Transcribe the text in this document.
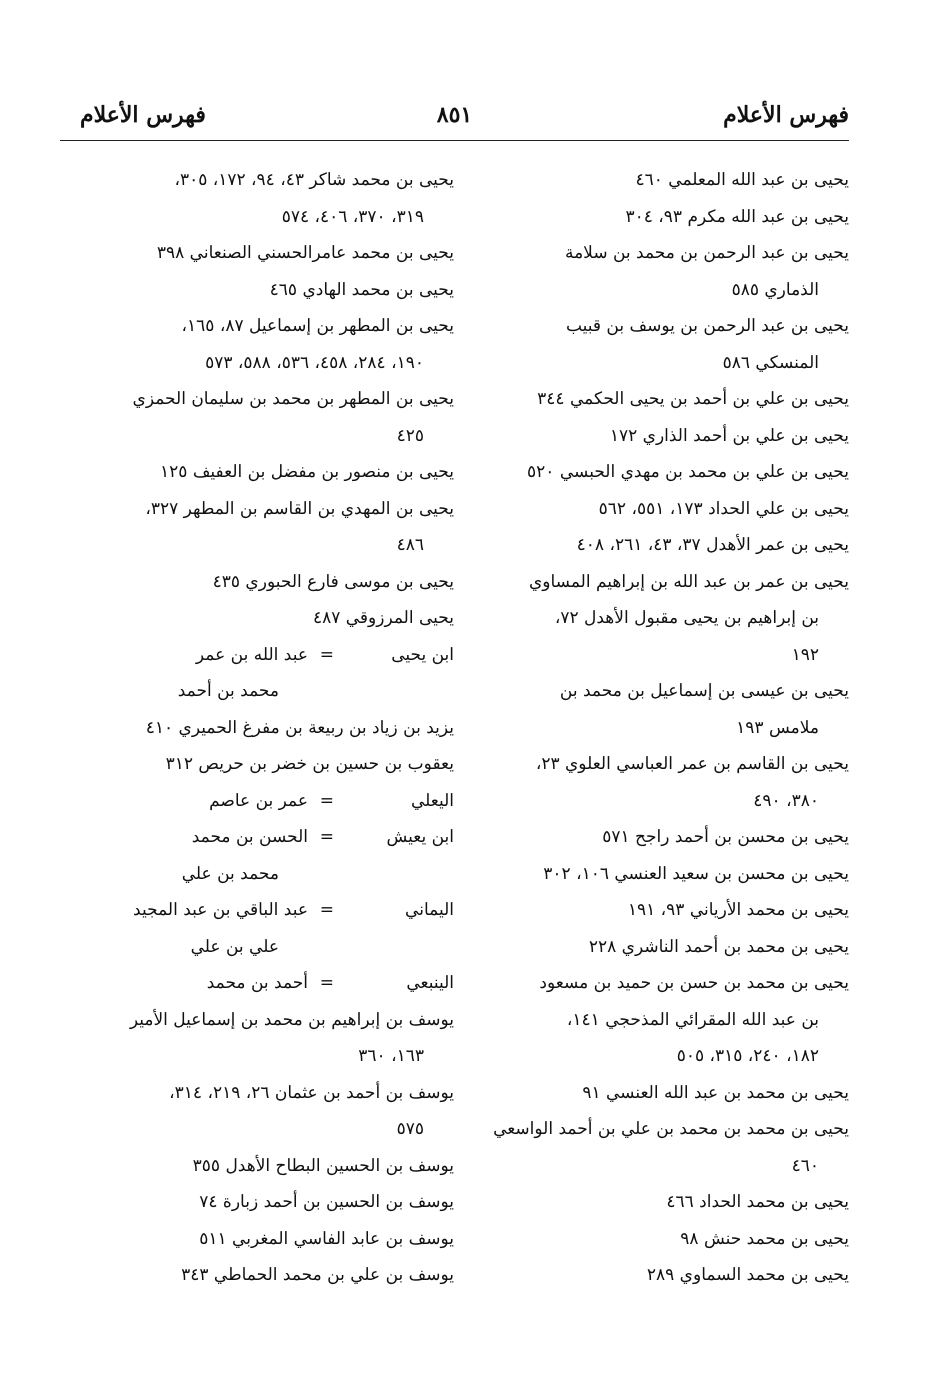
فهرس الأعلام
٨٥١
فهرس الأعلام
يحيى بن عبد الله المعلمي ٤٦٠
يحيى بن عبد الله مكرم ٩٣، ٣٠٤
يحيى بن عبد الرحمن بن محمد بن سلامة
الذماري ٥٨٥
يحيى بن عبد الرحمن بن يوسف بن قبيب
المنسكي ٥٨٦
يحيى بن علي بن أحمد بن يحيى الحكمي ٣٤٤
يحيى بن علي بن أحمد الذاري ١٧٢
يحيى بن علي بن محمد بن مهدي الحبسي ٥٢٠
يحيى بن علي الحداد ١٧٣، ٥٥١، ٥٦٢
يحيى بن عمر الأهدل ٣٧، ٤٣، ٢٦١، ٤٠٨
يحيى بن عمر بن عبد الله بن إبراهيم المساوي
بن إبراهيم بن يحيى مقبول الأهدل ٧٢،
١٩٢
يحيى بن عيسى بن إسماعيل بن محمد بن
ملامس ١٩٣
يحيى بن القاسم بن عمر العباسي العلوي ٢٣،
٣٨٠، ٤٩٠
يحيى بن محسن بن أحمد راجح ٥٧١
يحيى بن محسن بن سعيد العنسي ١٠٦، ٣٠٢
يحيى بن محمد الأرياني ٩٣، ١٩١
يحيى بن محمد بن أحمد الناشري ٢٢٨
يحيى بن محمد بن حسن بن حميد بن مسعود
بن عبد الله المقرائي المذحجي ١٤١،
١٨٢، ٢٤٠، ٣١٥، ٥٠٥
يحيى بن محمد بن عبد الله العنسي ٩١
يحيى بن محمد بن محمد بن علي بن أحمد الواسعي
٤٦٠
يحيى بن محمد الحداد ٤٦٦
يحيى بن محمد حنش ٩٨
يحيى بن محمد السماوي ٢٨٩
يحيى بن محمد شاكر ٤٣، ٩٤، ١٧٢، ٣٠٥،
٣١٩، ٣٧٠، ٤٠٦، ٥٧٤
يحيى بن محمد عامرالحسني الصنعاني ٣٩٨
يحيى بن محمد الهادي ٤٦٥
يحيى بن المطهر بن إسماعيل ٨٧، ١٦٥،
١٩٠، ٢٨٤، ٤٥٨، ٥٣٦، ٥٨٨، ٥٧٣
يحيى بن المطهر بن محمد بن سليمان الحمزي
٤٢٥
يحيى بن منصور بن مفضل بن العفيف ١٢٥
يحيى بن المهدي بن القاسم بن المطهر ٣٢٧،
٤٨٦
يحيى بن موسى فارع الحبوري ٤٣٥
يحيى المرزوقي ٤٨٧
ابن يحيى=عبد الله بن عمر
محمد بن أحمد
يزيد بن زياد بن ربيعة بن مفرغ الحميري ٤١٠
يعقوب بن حسين بن خضر بن حريص ٣١٢
اليعلي=عمر بن عاصم
ابن يعيش=الحسن بن محمد
محمد بن علي
اليماني=عبد الباقي بن عبد المجيد
علي بن علي
الينبعي=أحمد بن محمد
يوسف بن إبراهيم بن محمد بن إسماعيل الأمير
١٦٣، ٣٦٠
يوسف بن أحمد بن عثمان ٢٦، ٢١٩، ٣١٤،
٥٧٥
يوسف بن الحسين البطاح الأهدل ٣٥٥
يوسف بن الحسين بن أحمد زبارة ٧٤
يوسف بن عابد الفاسي المغربي ٥١١
يوسف بن علي بن محمد الحماطي ٣٤٣
